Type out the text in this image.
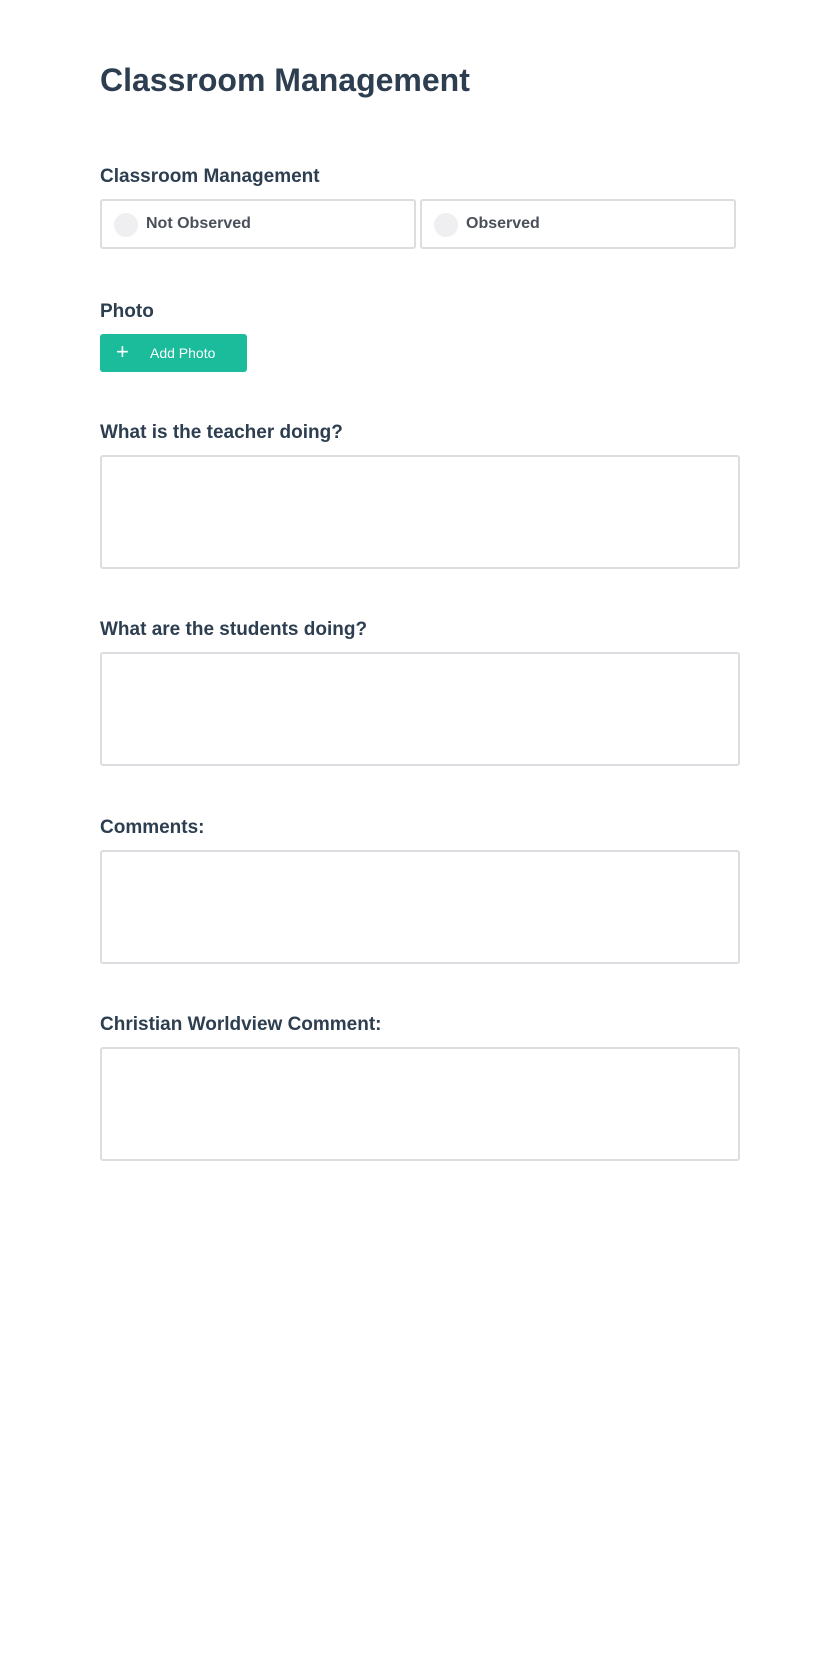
Classroom Management
Classroom Management
Not Observed	Observed
Photo
+ Add Photo
What is the teacher doing?
What are the students doing?
Comments:
Christian Worldview Comment:
